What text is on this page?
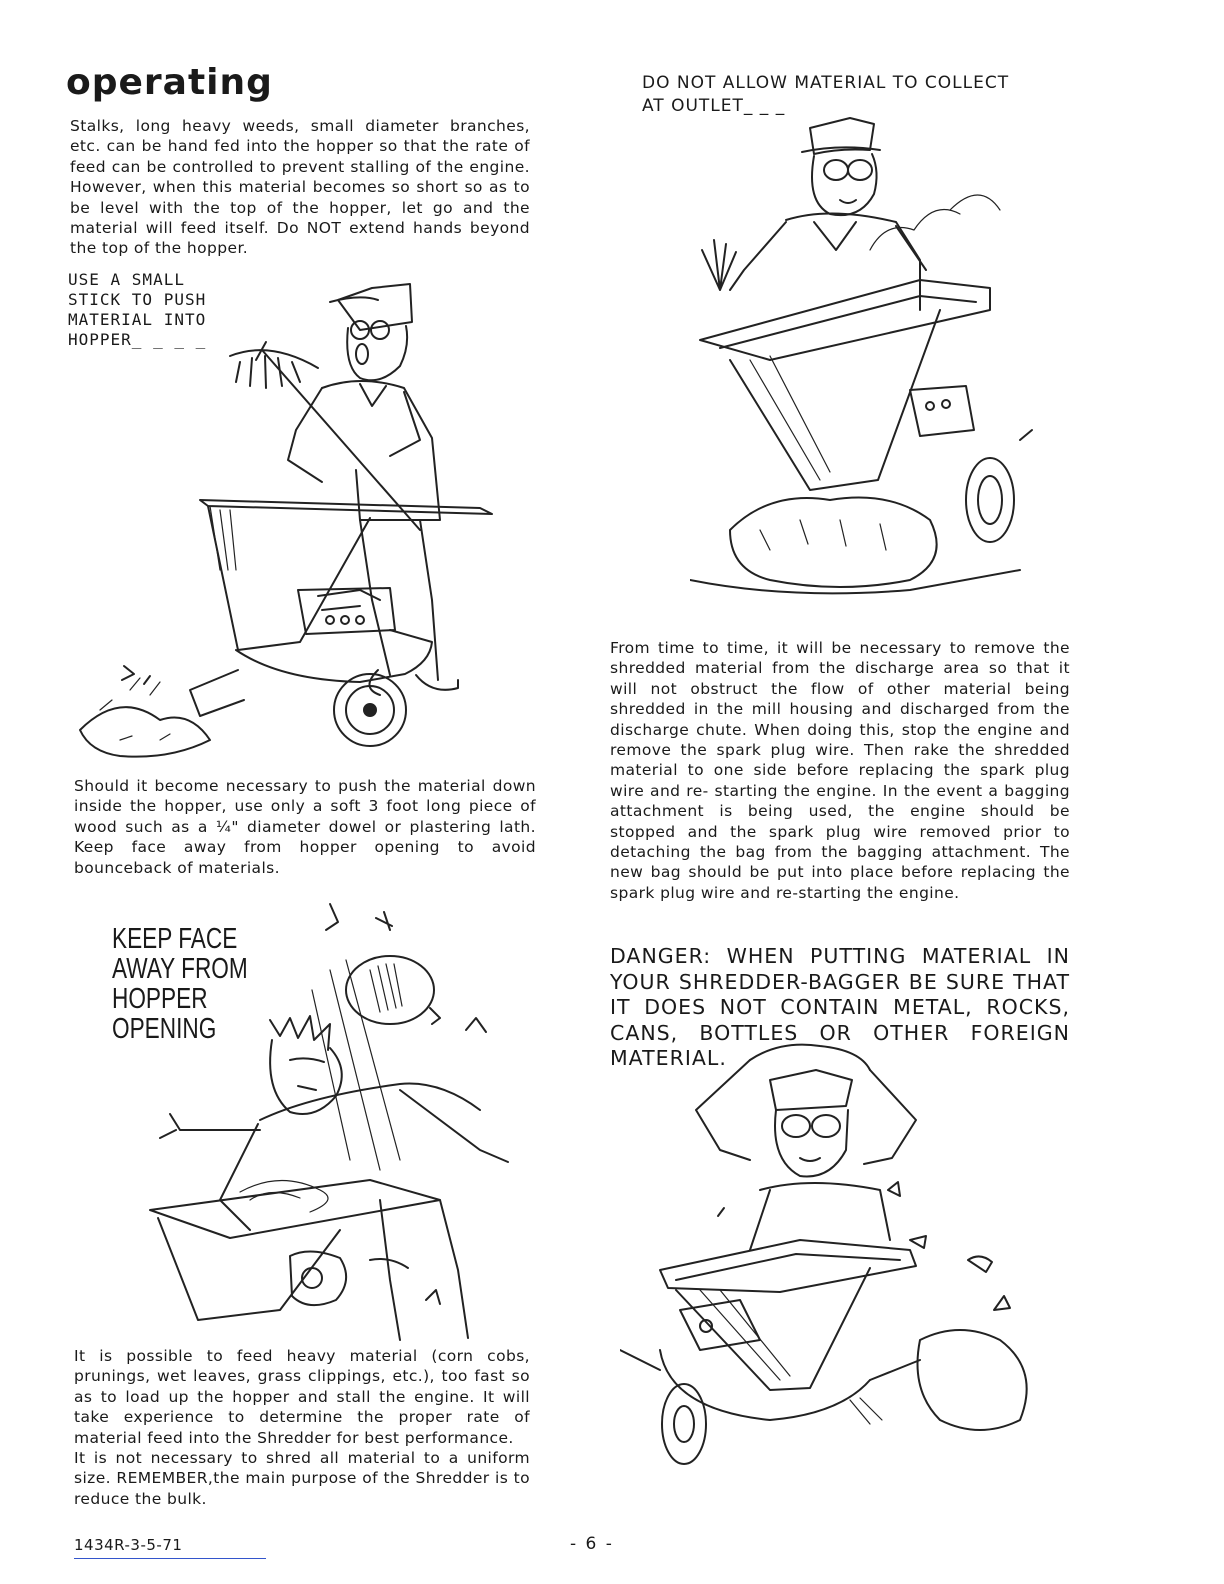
operating

Stalks, long heavy weeds, small diameter branches, etc. can be hand fed into the hopper so that the rate of feed can be controlled to prevent stalling of the engine. However, when this material becomes so short so as to be level with the top of the hopper, let go and the material will feed itself. Do NOT extend hands beyond the top of the hopper.

USE A SMALL
STICK TO PUSH
MATERIAL INTO
HOPPER_ _ _ _

Should it become necessary to push the material down inside the hopper, use only a soft 3 foot long piece of wood such as a ¼" diameter dowel or plastering lath. Keep face away from hopper opening to avoid bounceback of materials.

KEEP FACE
AWAY FROM
HOPPER
OPENING

It is possible to feed heavy material (corn cobs, prunings, wet leaves, grass clippings, etc.), too fast so as to load up the hopper and stall the engine. It will take experience to determine the proper rate of material feed into the Shredder for best performance.

It is not necessary to shred all material to a uniform size. REMEMBER,the main purpose of the Shredder is to reduce the bulk.

DO NOT ALLOW MATERIAL TO COLLECT
AT OUTLET_ _ _

From time to time, it will be necessary to remove the shredded material from the discharge area so that it will not obstruct the flow of other material being shredded in the mill housing and discharged from the discharge chute. When doing this, stop the engine and remove the spark plug wire. Then rake the shredded material to one side before replacing the spark plug wire and re- starting the engine. In the event a bagging attachment is being used, the engine should be stopped and the spark plug wire removed prior to detaching the bag from the bagging attachment. The new bag should be put into place before replacing the spark plug wire and re-starting the engine.

DANGER: WHEN PUTTING MATERIAL IN YOUR SHREDDER-BAGGER BE SURE THAT IT DOES NOT CONTAIN METAL, ROCKS, CANS, BOTTLES OR OTHER FOREIGN MATERIAL.

1434R-3-5-71	- 6 -
